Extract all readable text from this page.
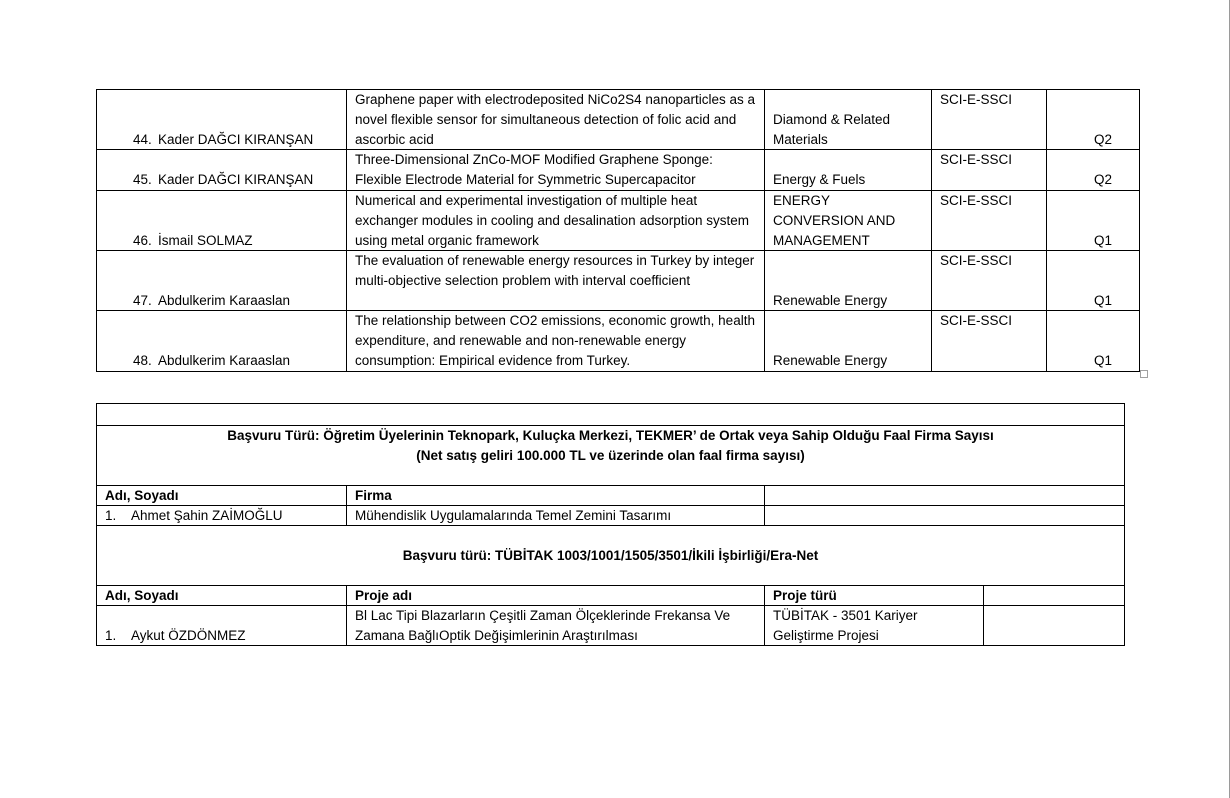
44. Kader DAĞCI KIRANŞAN	Graphene paper with electrodeposited NiCo2S4 nanoparticles as a novel flexible sensor for simultaneous detection of folic acid and ascorbic acid	Diamond & Related Materials	SCI-E-SSCI	Q2
45. Kader DAĞCI KIRANŞAN	Three-Dimensional ZnCo-MOF Modified Graphene Sponge: Flexible Electrode Material for Symmetric Supercapacitor	Energy & Fuels	SCI-E-SSCI	Q2
46. İsmail SOLMAZ	Numerical and experimental investigation of multiple heat exchanger modules in cooling and desalination adsorption system using metal organic framework	ENERGY CONVERSION AND MANAGEMENT	SCI-E-SSCI	Q1
47. Abdulkerim Karaaslan	The evaluation of renewable energy resources in Turkey by integer multi-objective selection problem with interval coefficient	Renewable Energy	SCI-E-SSCI	Q1
48. Abdulkerim Karaaslan	The relationship between CO2 emissions, economic growth, health expenditure, and renewable and non-renewable energy consumption: Empirical evidence from Turkey.	Renewable Energy	SCI-E-SSCI	Q1

Başvuru Türü: Öğretim Üyelerinin Teknopark, Kuluçka Merkezi, TEKMER’ de Ortak veya Sahip Olduğu Faal Firma Sayısı
(Net satış geliri 100.000 TL ve üzerinde olan faal firma sayısı)			

Adı, Soyadı	Firma		
1. Ahmet Şahin ZAİMOĞLU	Mühendislik Uygulamalarında Temel Zemini Tasarımı		
Başvuru türü: TÜBİTAK 1003/1001/1505/3501/İkili İşbirliği/Era-Net			
Adı, Soyadı	Proje adı	Proje türü	
1. Aykut ÖZDÖNMEZ	Bl Lac Tipi Blazarların Çeşitli Zaman Ölçeklerinde Frekansa Ve Zamana BağlıOptik Değişimlerinin Araştırılması	TÜBİTAK - 3501 Kariyer Geliştirme Projesi	
